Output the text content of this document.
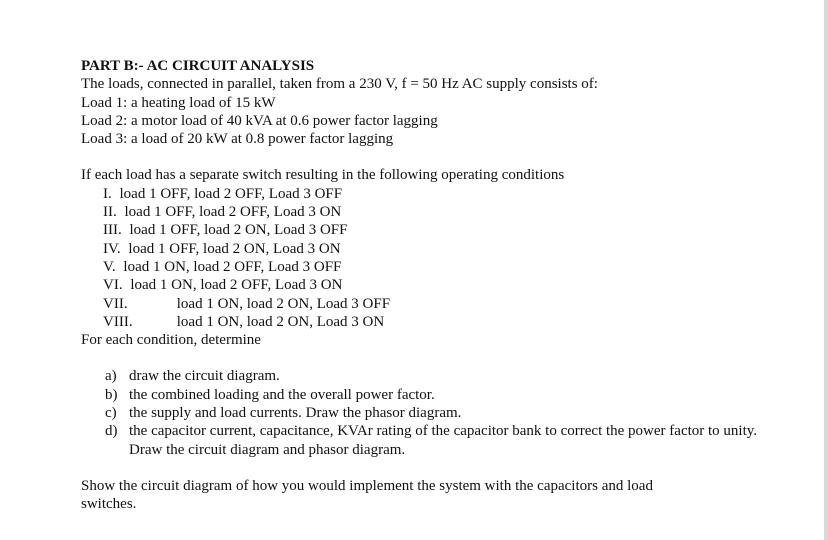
PART B:- AC CIRCUIT ANALYSIS
The loads, connected in parallel, taken from a 230 V, f = 50 Hz AC supply consists of:
Load 1: a heating load of 15 kW
Load 2: a motor load of 40 kVA at 0.6 power factor lagging
Load 3: a load of 20 kW at 0.8 power factor lagging
If each load has a separate switch resulting in the following operating conditions
I. load 1 OFF, load 2 OFF, Load 3 OFF
II. load 1 OFF, load 2 OFF, Load 3 ON
III. load 1 OFF, load 2 ON, Load 3 OFF
IV. load 1 OFF, load 2 ON, Load 3 ON
V. load 1 ON, load 2 OFF, Load 3 OFF
VI. load 1 ON, load 2 OFF, Load 3 ON
VII.	load 1 ON, load 2 ON, Load 3 OFF
VIII.	load 1 ON, load 2 ON, Load 3 ON
For each condition, determine
a) draw the circuit diagram.
b) the combined loading and the overall power factor.
c) the supply and load currents. Draw the phasor diagram.
d) the capacitor current, capacitance, KVAr rating of the capacitor bank to correct the power factor to unity. Draw the circuit diagram and phasor diagram.
Show the circuit diagram of how you would implement the system with the capacitors and load switches.
